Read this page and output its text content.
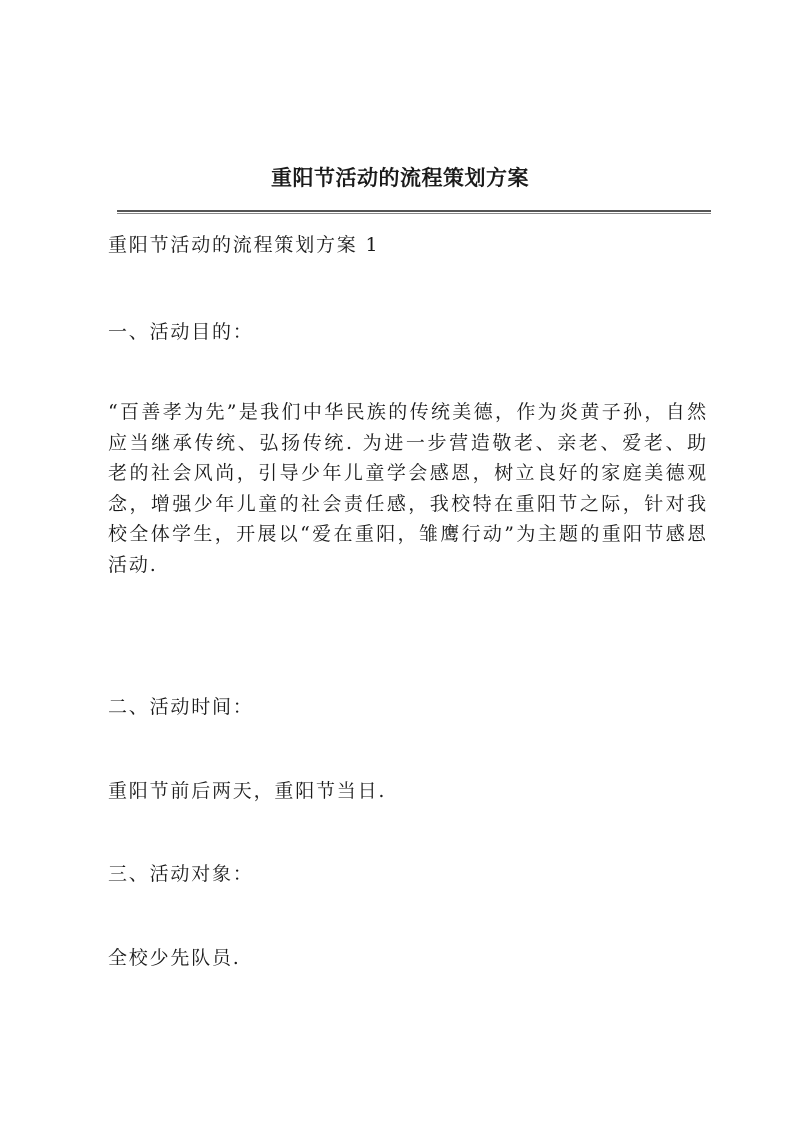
重阳节活动的流程策划方案
重阳节活动的流程策划方案 1
一、活动目的：
“百善孝为先”是我们中华民族的传统美德，作为炎黄子孙，自然应当继承传统、弘扬传统. 为进一步营造敬老、亲老、爱老、助老的社会风尚，引导少年儿童学会感恩，树立良好的家庭美德观念，增强少年儿童的社会责任感，我校特在重阳节之际，针对我校全体学生，开展以“爱在重阳，雏鹰行动”为主题的重阳节感恩活动.
二、活动时间：
重阳节前后两天，重阳节当日.
三、活动对象：
全校少先队员.
